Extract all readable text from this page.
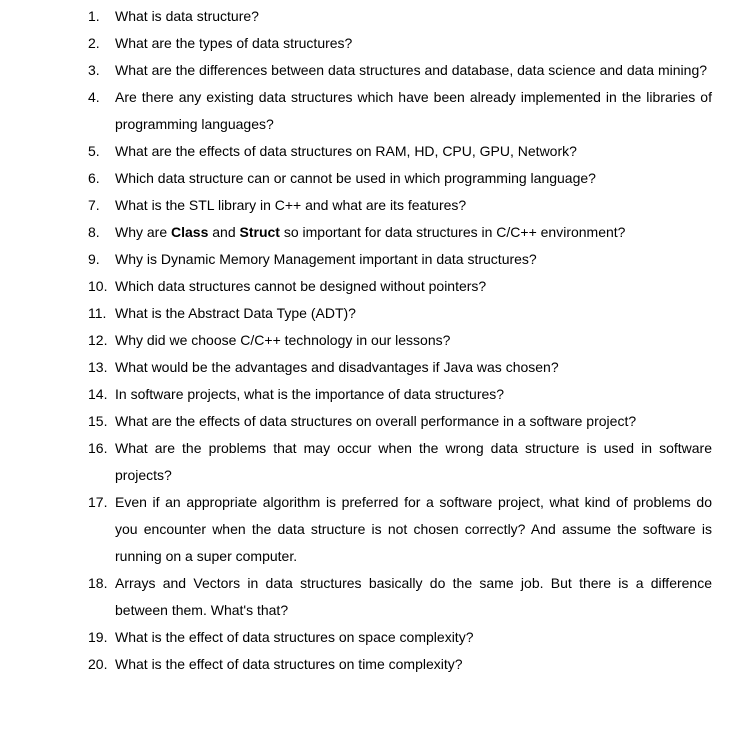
1. What is data structure?
2. What are the types of data structures?
3. What are the differences between data structures and database, data science and data mining?
4. Are there any existing data structures which have been already implemented in the libraries of programming languages?
5. What are the effects of data structures on RAM, HD, CPU, GPU, Network?
6. Which data structure can or cannot be used in which programming language?
7. What is the STL library in C++ and what are its features?
8. Why are Class and Struct so important for data structures in C/C++ environment?
9. Why is Dynamic Memory Management important in data structures?
10. Which data structures cannot be designed without pointers?
11. What is the Abstract Data Type (ADT)?
12. Why did we choose C/C++ technology in our lessons?
13. What would be the advantages and disadvantages if Java was chosen?
14. In software projects, what is the importance of data structures?
15. What are the effects of data structures on overall performance in a software project?
16. What are the problems that may occur when the wrong data structure is used in software projects?
17. Even if an appropriate algorithm is preferred for a software project, what kind of problems do you encounter when the data structure is not chosen correctly? And assume the software is running on a super computer.
18. Arrays and Vectors in data structures basically do the same job. But there is a difference between them. What's that?
19. What is the effect of data structures on space complexity?
20. What is the effect of data structures on time complexity?
